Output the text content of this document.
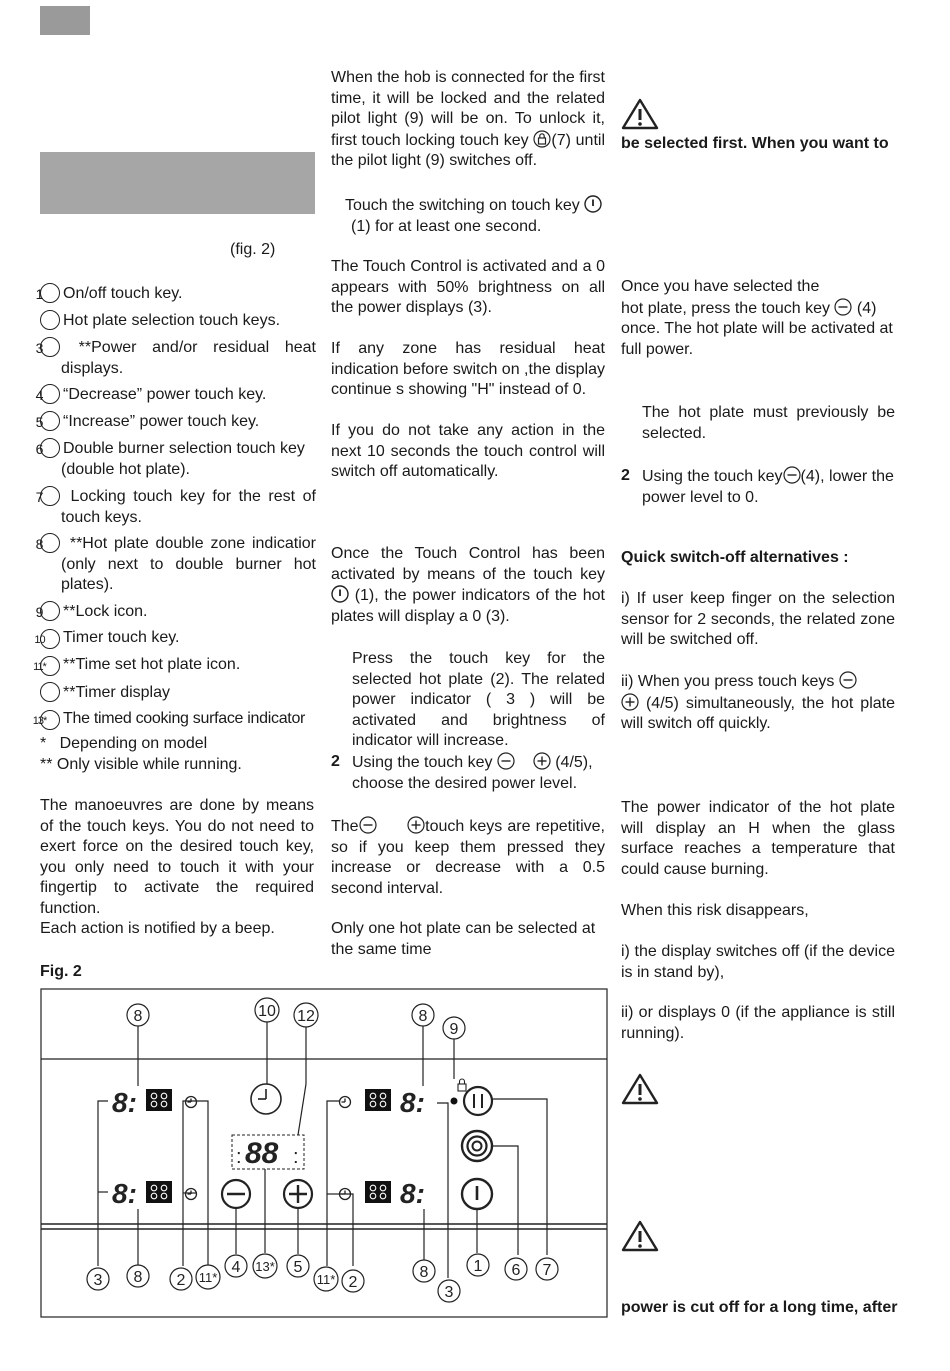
(fig. 2)
1 On/off touch key.
Hot plate selection touch keys.
3 **Power and/or residual heat displays.
4 “Decrease” power touch key.
5 “Increase” power touch key.
6 Double burner selection touch key (double hot plate).
7 Locking touch key for the rest of touch keys.
8 **Hot plate double zone indicatior (only next to double burner hot plates).
9 **Lock icon.
10 Timer touch key.
11* **Time set hot plate icon.
**Timer display
13* The timed cooking surface indicator
*   Depending on model
** Only visible while running.

The manoeuvres are done by means of the touch keys. You do not need to exert force on the desired touch key, you only need to touch it with your fingertip to activate the required function.

Each action is notified by a beep.

Fig. 2

When the hob is connected for the first time, it will be locked and the related pilot light (9) will be on. To unlock it, first touch locking touch key (7) until the pilot light (9) switches off.

Touch the switching on touch key
(1) for at least one second.

The Touch Control is activated and a 0 appears with 50% brightness on all the power displays (3).

If any zone has residual heat indication before switch on ,the display continue s showing "H" instead of 0.

If you do not take any action in the next 10 seconds the touch control will switch off automatically.

Once the Touch Control has been activated by means of the touch key  (1), the power indicators of the hot plates will display a 0 (3).

Press the touch key for the selected hot plate (2). The related power indicator ( 3 ) will be activated and brightness of indicator will increase.

2 Using the touch key	(4/5), choose the desired power level.

The	touch keys are repetitive, so if you keep them pressed they increase or decrease with a 0.5 second interval.

Only one hot plate can be selected at the same time

be selected first. When you want to

Once you have selected the
hot plate, press the touch key (4) once. The hot plate will be activated at full power.

The hot plate must previously be selected.

2 Using the touch key (4), lower the power level to 0.

Quick switch-off alternatives :

i) If user keep finger on the selection sensor for 2 seconds, the related zone will be switched off.

ii) When you press touch keys
(4/5) simultaneously, the hot plate will switch off quickly.

The power indicator of the hot plate will display an H when the glass surface reaches a temperature that could cause burning.

When this risk disappears,

i) the display switches off (if the device is in stand by),

ii) or displays 0 (if the appliance is still running).

power is cut off for a long time, after
8:
8:
88
:	:
8:
8:
8	10 12	8
9
3 8 2 11*
4 13* 5
11* 2
8
3
1 6 7
